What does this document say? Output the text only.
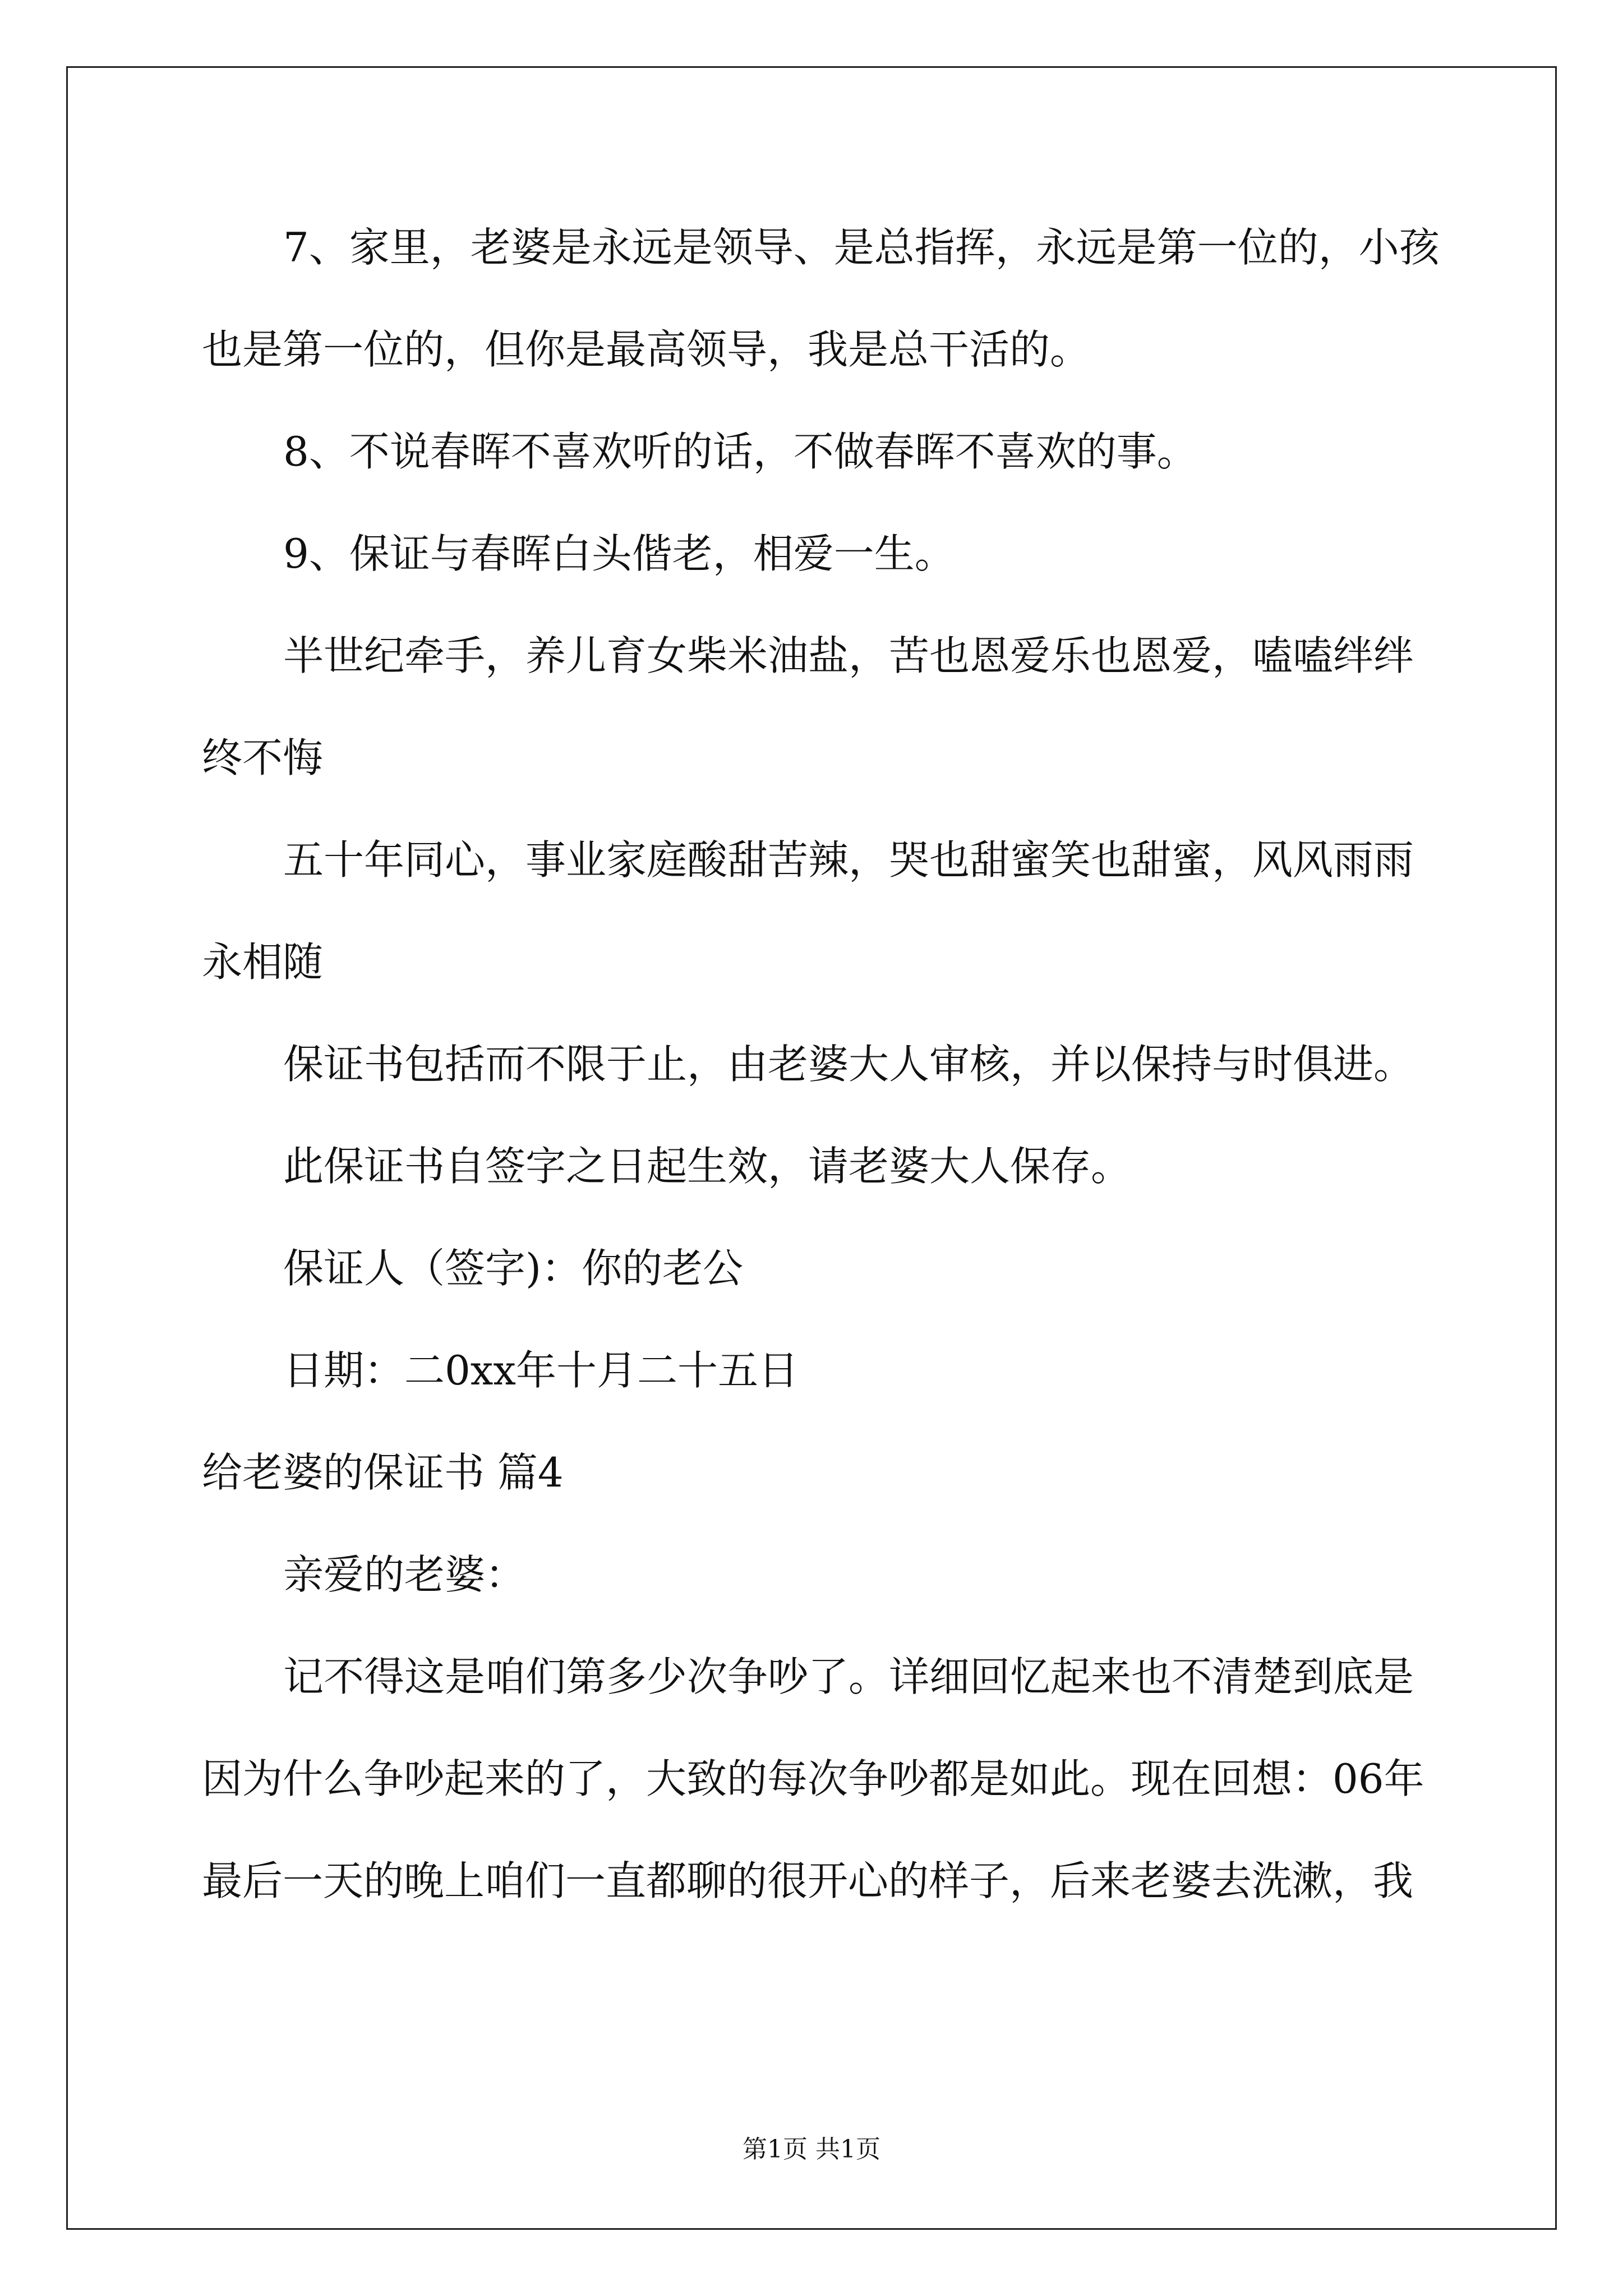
7、家里，老婆是永远是领导、是总指挥，永远是第一位的，小孩

也是第一位的，但你是最高领导，我是总干活的。

8、不说春晖不喜欢听的话，不做春晖不喜欢的事。

9、保证与春晖白头偕老，相爱一生。

半世纪牵手，养儿育女柴米油盐，苦也恩爱乐也恩爱，嗑嗑绊绊

终不悔

五十年同心，事业家庭酸甜苦辣，哭也甜蜜笑也甜蜜，风风雨雨

永相随

保证书包括而不限于止，由老婆大人审核，并以保持与时俱进。

此保证书自签字之日起生效，请老婆大人保存。

保证人（签字)：你的老公

日期：二0xx年十月二十五日

给老婆的保证书 篇4

亲爱的老婆：

记不得这是咱们第多少次争吵了。详细回忆起来也不清楚到底是

因为什么争吵起来的了，大致的每次争吵都是如此。现在回想：06年

最后一天的晚上咱们一直都聊的很开心的样子，后来老婆去洗漱，我

第1页 共1页
